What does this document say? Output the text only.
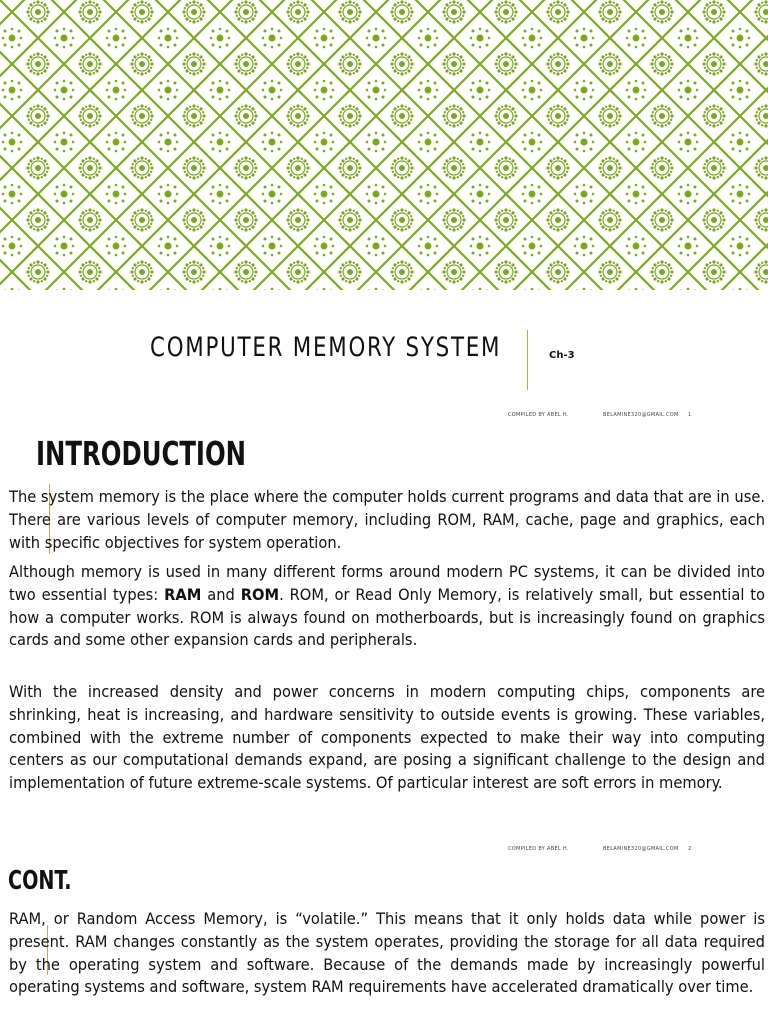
COMPUTER MEMORY SYSTEM	Ch-3
COMPILED BY ABEL H.	BELAMINE320@GMAIL.COM 1
INTRODUCTION
The system memory is the place where the computer holds current programs and data that are in use. There are various levels of computer memory, including ROM, RAM, cache, page and graphics, each with specific objectives for system operation.
Although memory is used in many different forms around modern PC systems, it can be divided into two essential types: RAM and ROM. ROM, or Read Only Memory, is relatively small, but essential to how a computer works. ROM is always found on motherboards, but is increasingly found on graphics cards and some other expansion cards and peripherals.
With the increased density and power concerns in modern computing chips, components are shrinking, heat is increasing, and hardware sensitivity to outside events is growing. These variables, combined with the extreme number of components expected to make their way into computing centers as our computational demands expand, are posing a significant challenge to the design and implementation of future extreme-scale systems. Of particular interest are soft errors in memory.
COMPILED BY ABEL H.	BELAMINE320@GMAIL.COM 2
CONT.
RAM, or Random Access Memory, is “volatile.” This means that it only holds data while power is present. RAM changes constantly as the system operates, providing the storage for all data required by the operating system and software. Because of the demands made by increasingly powerful operating systems and software, system RAM requirements have accelerated dramatically over time.
